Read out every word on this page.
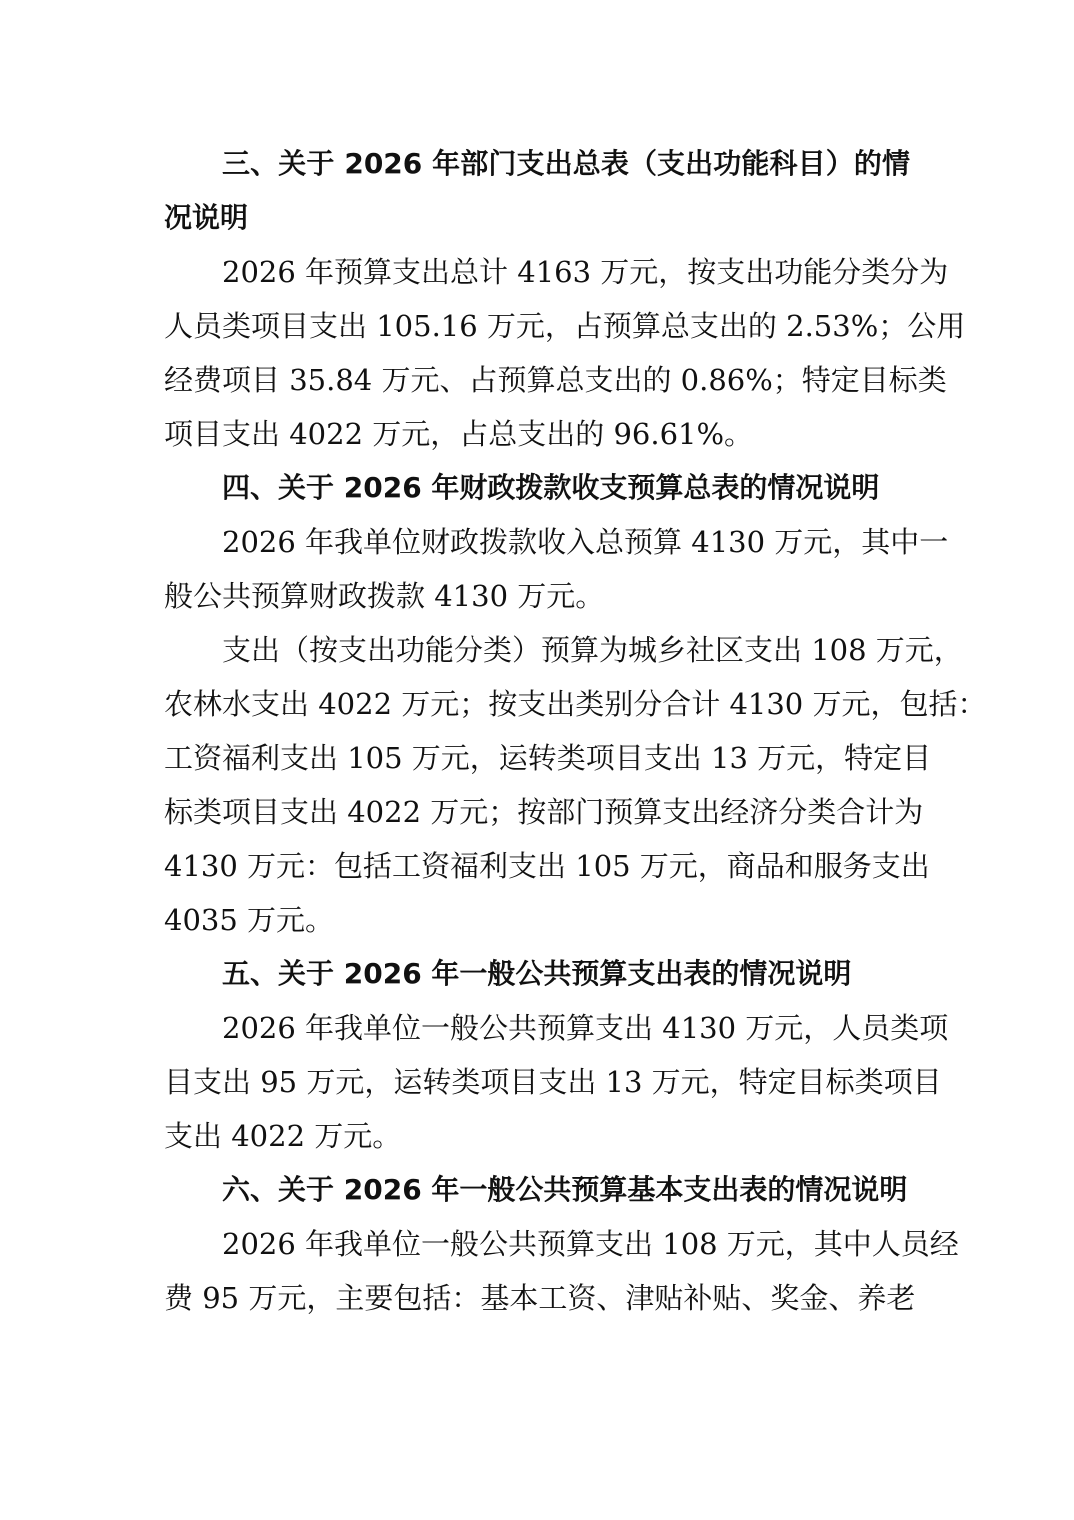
三、关于 2026 年部门支出总表（支出功能科目）的情
况说明
2026 年预算支出总计 4163 万元，按支出功能分类分为
人员类项目支出 105.16 万元，占预算总支出的 2.53%；公用
经费项目 35.84 万元、占预算总支出的 0.86%；特定目标类
项目支出 4022 万元，占总支出的 96.61%。
四、关于 2026 年财政拨款收支预算总表的情况说明
2026 年我单位财政拨款收入总预算 4130 万元，其中一
般公共预算财政拨款 4130 万元。
支出（按支出功能分类）预算为城乡社区支出 108 万元，
农林水支出 4022 万元；按支出类别分合计 4130 万元，包括：
工资福利支出 105 万元，运转类项目支出 13 万元，特定目
标类项目支出 4022 万元；按部门预算支出经济分类合计为
4130 万元：包括工资福利支出 105 万元，商品和服务支出
4035 万元。
五、关于 2026 年一般公共预算支出表的情况说明
2026 年我单位一般公共预算支出 4130 万元，人员类项
目支出 95 万元，运转类项目支出 13 万元，特定目标类项目
支出 4022 万元。
六、关于 2026 年一般公共预算基本支出表的情况说明
2026 年我单位一般公共预算支出 108 万元，其中人员经
费 95 万元，主要包括：基本工资、津贴补贴、奖金、养老
